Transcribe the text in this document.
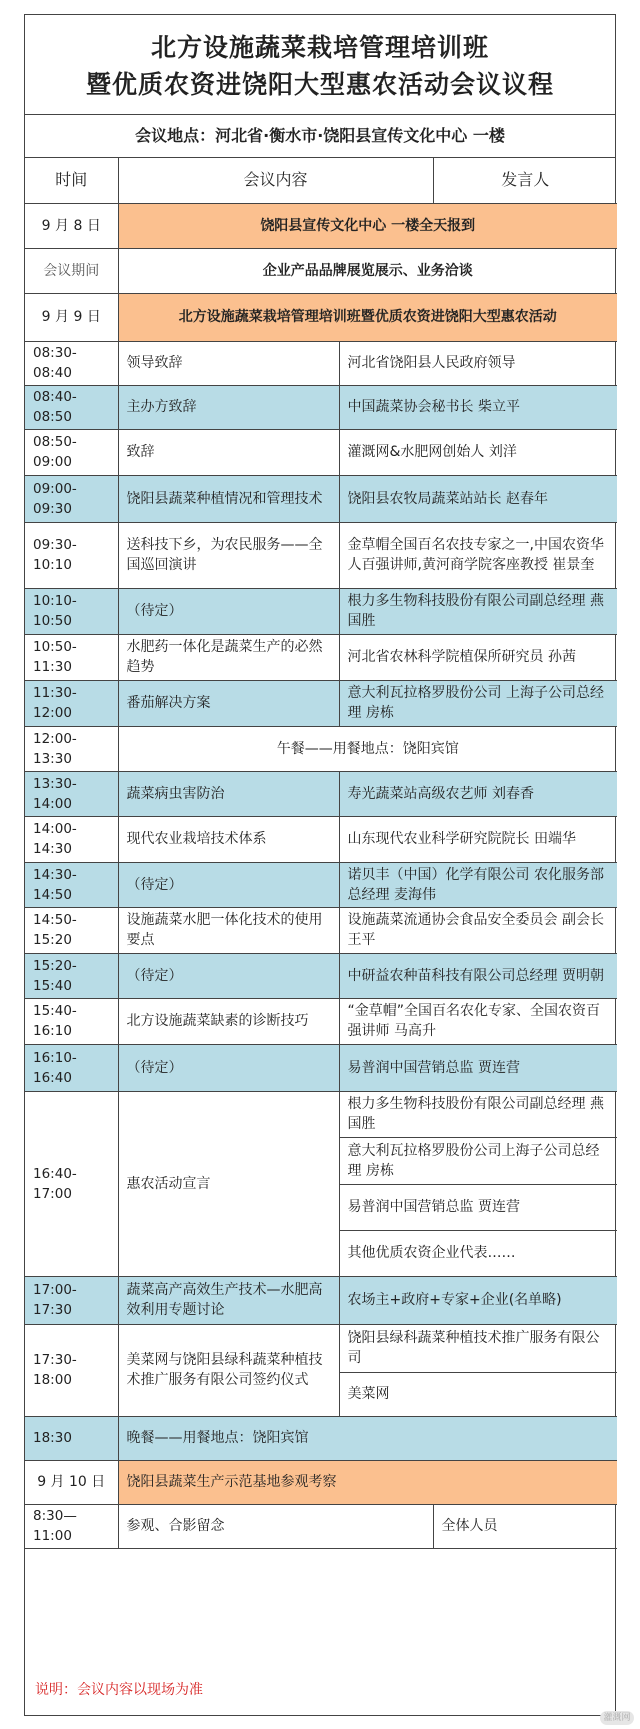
北方设施蔬菜栽培管理培训班
暨优质农资进饶阳大型惠农活动会议议程
会议地点：河北省·衡水市·饶阳县宣传文化中心 一楼
时间	会议内容		发言人
9 月 8 日	饶阳县宣传文化中心 一楼全天报到		
会议期间	企业产品品牌展览展示、业务洽谈		
9 月 9 日	北方设施蔬菜栽培管理培训班暨优质农资进饶阳大型惠农活动		
08:30-08:40	领导致辞	河北省饶阳县人民政府领导	
08:40-08:50	主办方致辞	中国蔬菜协会秘书长 柴立平	
08:50-09:00	致辞	灌溉网&水肥网创始人 刘洋	
09:00-09:30	饶阳县蔬菜种植情况和管理技术	饶阳县农牧局蔬菜站站长 赵春年	
09:30-10:10	送科技下乡，为农民服务——全国巡回演讲	金草帽全国百名农技专家之一,中国农资华人百强讲师,黄河商学院客座教授 崔景奎	
10:10-10:50	（待定）	根力多生物科技股份有限公司副总经理 燕国胜	
10:50-11:30	水肥药一体化是蔬菜生产的必然趋势	河北省农林科学院植保所研究员 孙茜	
11:30-12:00	番茄解决方案	意大利瓦拉格罗股份公司 上海子公司总经理 房栋	
12:00-13:30	午餐——用餐地点：饶阳宾馆		
13:30-14:00	蔬菜病虫害防治	寿光蔬菜站高级农艺师 刘春香	
14:00-14:30	现代农业栽培技术体系	山东现代农业科学研究院院长 田端华	
14:30-14:50	（待定）	诺贝丰（中国）化学有限公司 农化服务部总经理 麦海伟	
14:50-15:20	设施蔬菜水肥一体化技术的使用要点	设施蔬菜流通协会食品安全委员会 副会长 王平	
15:20-15:40	（待定）	中研益农种苗科技有限公司总经理 贾明朝	
15:40-16:10	北方设施蔬菜缺素的诊断技巧	“金草帽”全国百名农化专家、全国农资百强讲师 马高升	
16:10-16:40	（待定）	易普润中国营销总监 贾连营	
16:40-17:00	惠农活动宣言	根力多生物科技股份有限公司副总经理 燕国胜	
		意大利瓦拉格罗股份公司上海子公司总经理 房栋	
		易普润中国营销总监 贾连营	
		其他优质农资企业代表……	
17:00-17:30	蔬菜高产高效生产技术—水肥高效利用专题讨论	农场主+政府+专家+企业(名单略)	
17:30-18:00	美菜网与饶阳县绿科蔬菜种植技术推广服务有限公司签约仪式	饶阳县绿科蔬菜种植技术推广服务有限公司	
		美菜网	
18:30	晚餐——用餐地点：饶阳宾馆		
9 月 10 日	饶阳县蔬菜生产示范基地参观考察		
8:30—11:00	参观、合影留念		全体人员
说明：会议内容以现场为准
灌溉网
